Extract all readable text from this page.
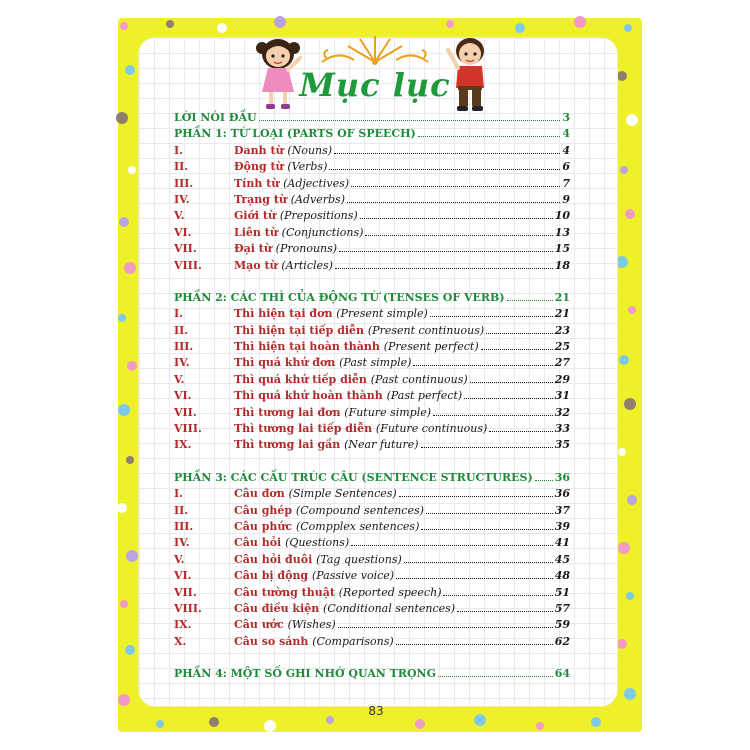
Mục lục
LỜI NÓI ĐẦU	3
PHẦN 1: TỪ LOẠI (PARTS OF SPEECH)	4
I.	Danh từ (Nouns)	4
II.	Động từ (Verbs)	6
III.	Tính từ (Adjectives)	7
IV.	Trạng từ (Adverbs)	9
V.	Giới từ (Prepositions)	10
VI.	Liên từ (Conjunctions)	13
VII.	Đại từ (Pronouns)	15
VIII.	Mạo từ (Articles)	18
PHẦN 2: CÁC THÌ CỦA ĐỘNG TỪ (TENSES OF VERB)	21
I.	Thì hiện tại đơn (Present simple)	21
II.	Thì hiện tại tiếp diễn (Present continuous)	23
III.	Thì hiện tại hoàn thành (Present perfect)	25
IV.	Thì quá khứ đơn (Past simple)	27
V.	Thì quá khứ tiếp diễn (Past continuous)	29
VI.	Thì quá khứ hoàn thành (Past perfect)	31
VII.	Thì tương lai đơn (Future simple)	32
VIII.	Thì tương lai tiếp diễn (Future continuous)	33
IX.	Thì tương lai gần (Near future)	35
PHẦN 3: CÁC CẤU TRÚC CÂU (SENTENCE STRUCTURES) 36
I.	Câu đơn (Simple Sentences)	36
II.	Câu ghép (Compound sentences)	37
III.	Câu phức (Compplex sentences)	39
IV.	Câu hỏi (Questions)	41
V.	Câu hỏi đuôi (Tag questions)	45
VI.	Câu bị động (Passive voice)	48
VII.	Câu tường thuật (Reported speech)	51
VIII.	Câu điều kiện (Conditional sentences)	57
IX.	Câu ước (Wishes)	59
X.	Câu so sánh (Comparisons)	62
PHẦN 4: MỘT SỐ GHI NHỚ QUAN TRỌNG	64
83
